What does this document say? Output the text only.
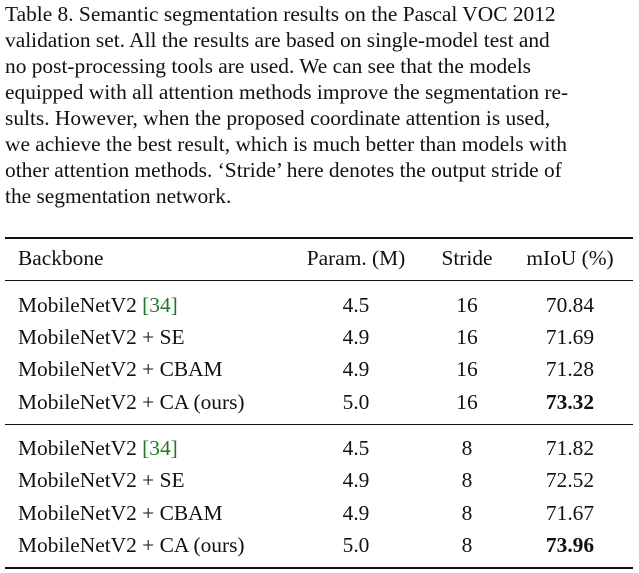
Table 8. Semantic segmentation results on the Pascal VOC 2012
validation set. All the results are based on single-model test and
no post-processing tools are used. We can see that the models
equipped with all attention methods improve the segmentation re-
sults. However, when the proposed coordinate attention is used,
we achieve the best result, which is much better than models with
other attention methods. ‘Stride’ here denotes the output stride of
the segmentation network.

Backbone	Param. (M)	Stride	mIoU (%)
MobileNetV2 [34]	4.5	16	70.84
MobileNetV2 + SE	4.9	16	71.69
MobileNetV2 + CBAM	4.9	16	71.28
MobileNetV2 + CA (ours)	5.0	16	73.32
MobileNetV2 [34]	4.5	8	71.82
MobileNetV2 + SE	4.9	8	72.52
MobileNetV2 + CBAM	4.9	8	71.67
MobileNetV2 + CA (ours)	5.0	8	73.96
